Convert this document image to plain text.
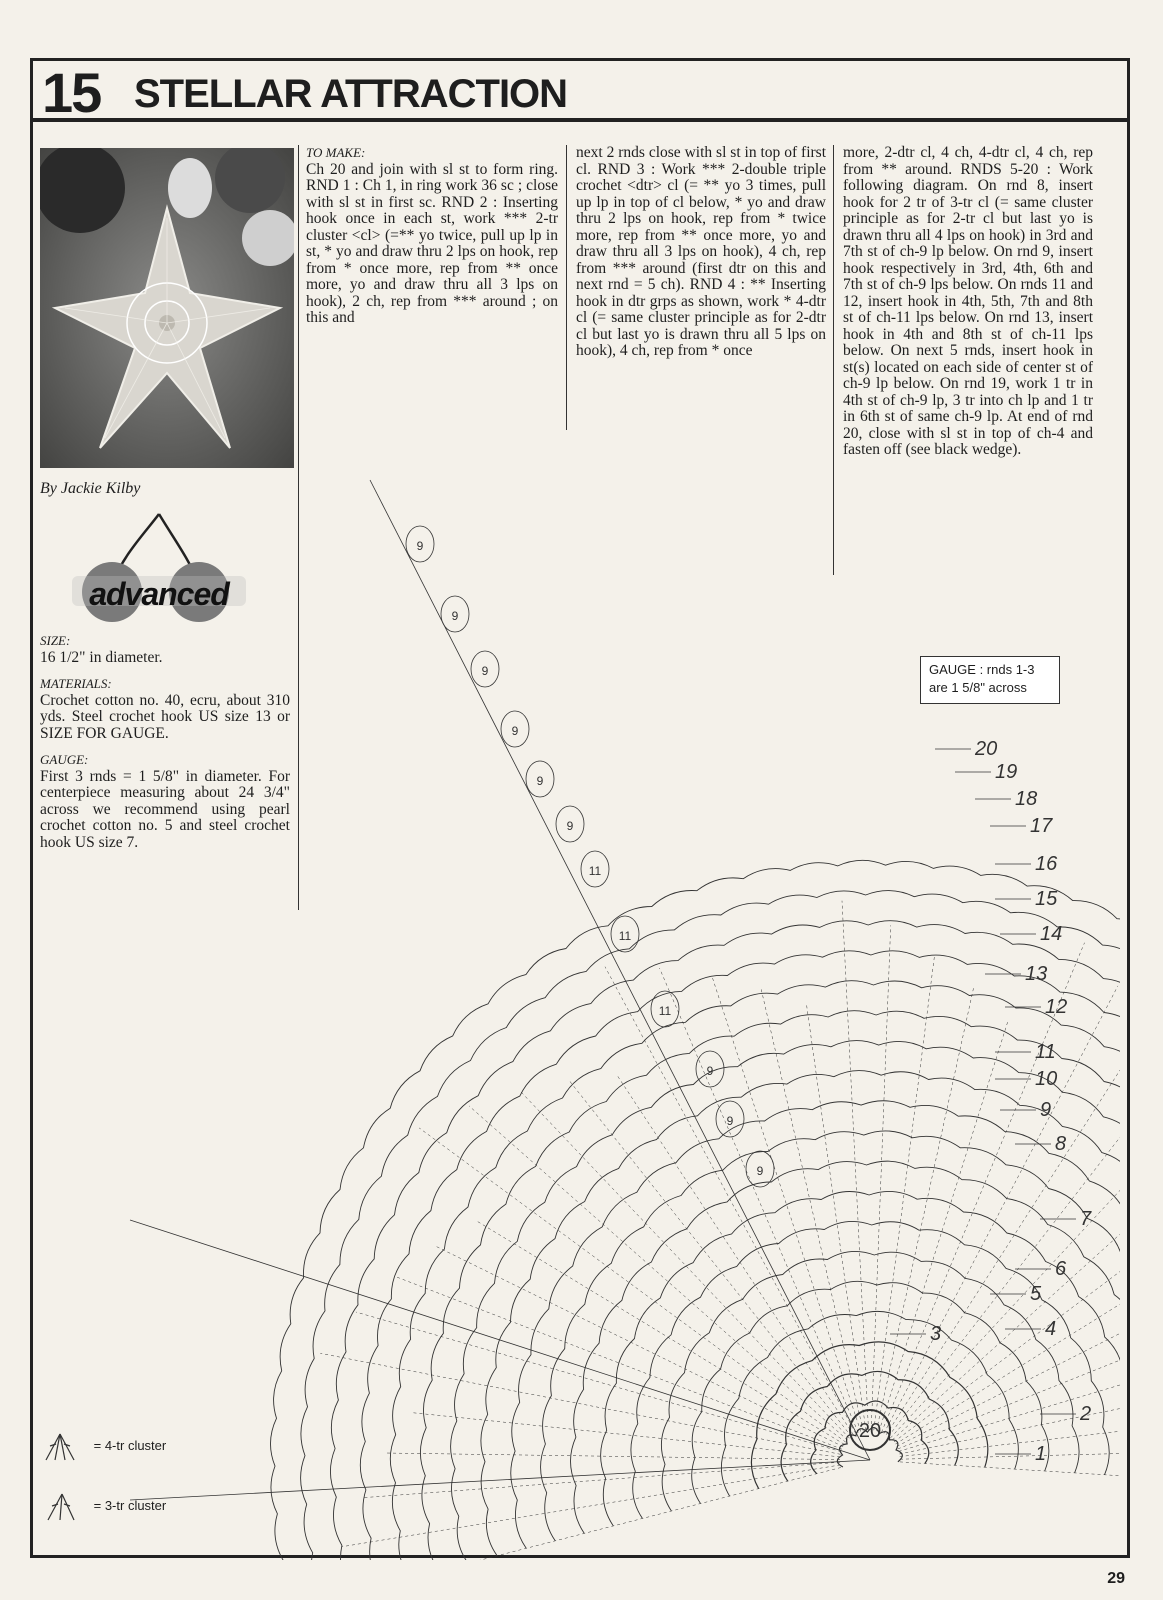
15 STELLAR ATTRACTION
By Jackie Kilby
advanced
SIZE:
16 1/2" in diameter.
MATERIALS:
Crochet cotton no. 40, ecru, about 310 yds. Steel crochet hook US size 13 or SIZE FOR GAUGE.
GAUGE:
First 3 rnds = 1 5/8" in diameter. For centerpiece measuring about 24 3/4" across we recommend using pearl crochet cotton no. 5 and steel crochet hook US size 7.
TO MAKE:
Ch 20 and join with sl st to form ring. RND 1 : Ch 1, in ring work 36 sc ; close with sl st in first sc. RND 2 : Inserting hook once in each st, work *** 2-tr cluster <cl> (=** yo twice, pull up lp in st, * yo and draw thru 2 lps on hook, rep from * once more, rep from ** once more, yo and draw thru all 3 lps on hook), 2 ch, rep from *** around ; on this and
next 2 rnds close with sl st in top of first cl. RND 3 : Work *** 2-double triple crochet <dtr> cl (= ** yo 3 times, pull up lp in top of cl below, * yo and draw thru 2 lps on hook, rep from * twice more, rep from ** once more, yo and draw thru all 3 lps on hook), 4 ch, rep from *** around (first dtr on this and next rnd = 5 ch). RND 4 : ** Inserting hook in dtr grps as shown, work * 4-dtr cl (= same cluster principle as for 2-dtr cl but last yo is drawn thru all 5 lps on hook), 4 ch, rep from * once
more, 2-dtr cl, 4 ch, 4-dtr cl, 4 ch, rep from ** around. RNDS 5-20 : Work following diagram. On rnd 8, insert hook for 2 tr of 3-tr cl (= same cluster principle as for 2-tr cl but last yo is drawn thru all 4 lps on hook) in 3rd and 7th st of ch-9 lp below. On rnd 9, insert hook respectively in 3rd, 4th, 6th and 7th st of ch-9 lps below. On rnds 11 and 12, insert hook in 4th, 5th, 7th and 8th st of ch-11 lps below. On rnd 13, insert hook in 4th and 8th st of ch-11 lps below. On next 5 rnds, insert hook in st(s) located on each side of center st of ch-9 lp below. On rnd 19, work 1 tr in 4th st of ch-9 lp, 3 tr into ch lp and 1 tr in 6th st of same ch-9 lp. At end of rnd 20, close with sl st in top of ch-4 and fasten off (see black wedge).
GAUGE : rnds 1-3
are 1 5/8" across
20
1
2
3	4
5
6
7
8
9
10
11
12
13
14
15
16
17
18
19
20
9
9
9
9
9
9
11
11
11
9
9
9
= 4-tr cluster
= 3-tr cluster
29
